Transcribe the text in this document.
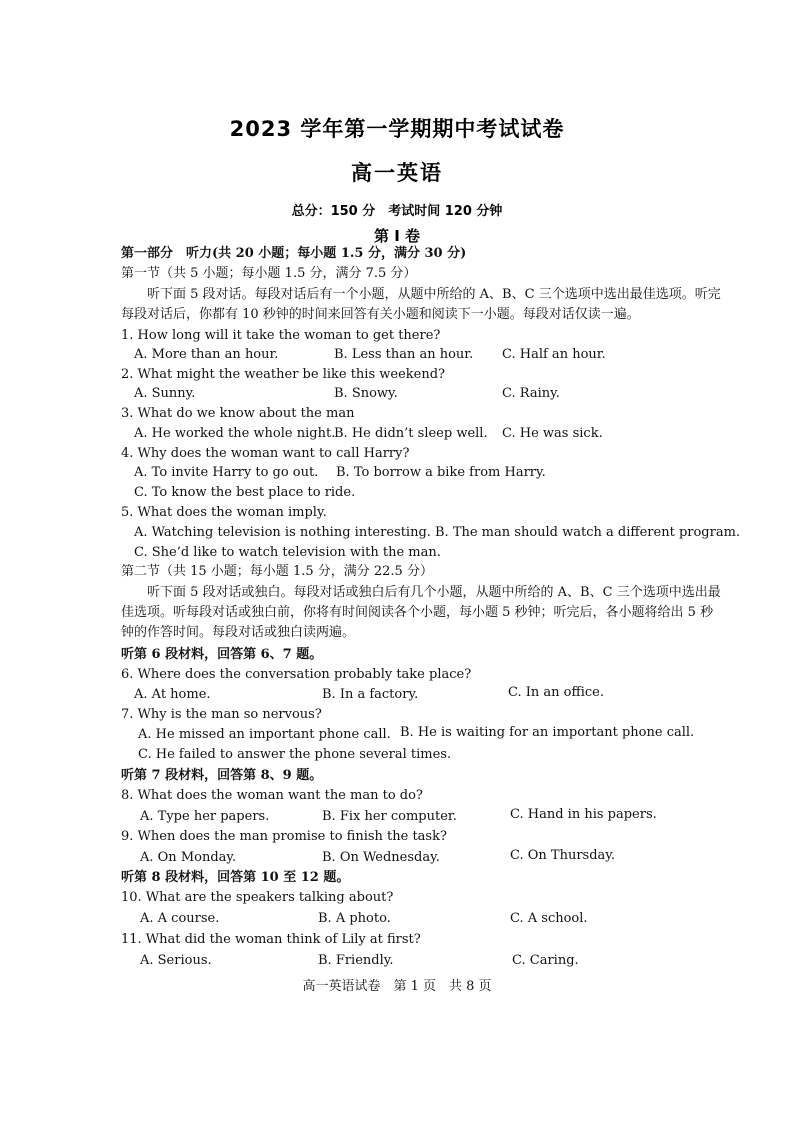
2023 学年第一学期期中考试试卷
高一英语
总分：150 分　考试时间 120 分钟
第 I 卷
第一部分　听力(共 20 小题；每小题 1.5 分，满分 30 分)
第一节（共 5 小题；每小题 1.5 分，满分 7.5 分）
听下面 5 段对话。每段对话后有一个小题，从题中所给的 A、B、C 三个选项中选出最佳选项。听完每段对话后，你都有 10 秒钟的时间来回答有关小题和阅读下一小题。每段对话仅读一遍。
1. How long will it take the woman to get there?
A. More than an hour.	B. Less than an hour. C. Half an hour.
2. What might the weather be like this weekend?
A. Sunny.	B. Snowy.	C. Rainy.
3. What do we know about the man
A. He worked the whole night.
B. He didn’t sleep well. C. He was sick.
4. Why does the woman want to call Harry?
A. To invite Harry to go out. B. To borrow a bike from Harry.
C. To know the best place to ride.
5. What does the woman imply.
A. Watching television is nothing interesting. B. The man should watch a different program.
C. She’d like to watch television with the man.
第二节（共 15 小题；每小题 1.5 分，满分 22.5 分）
听下面 5 段对话或独白。每段对话或独白后有几个小题，从题中所给的 A、B、C 三个选项中选出最佳选项。听每段对话或独白前，你将有时间阅读各个小题，每小题 5 秒钟；听完后，各小题将给出 5 秒钟的作答时间。每段对话或独白读两遍。
听第 6 段材料，回答第 6、7 题。
6. Where does the conversation probably take place?
A. At home.	B. In a factory.	C. In an office.
7. Why is the man so nervous?
A. He missed an important phone call. B. He is waiting for an important phone call.
C. He failed to answer the phone several times.
听第 7 段材料，回答第 8、9 题。
8. What does the woman want the man to do?
A. Type her papers.	B. Fix her computer.	C. Hand in his papers.
9. When does the man promise to finish the task?
A. On Monday.	B. On Wednesday.	C. On Thursday.
听第 8 段材料，回答第 10 至 12 题。
10. What are the speakers talking about?
A. A course.	B. A photo.	C. A school.
11. What did the woman think of Lily at first?
A. Serious.	B. Friendly.	C. Caring.
高一英语试卷　第 1 页　共 8 页
